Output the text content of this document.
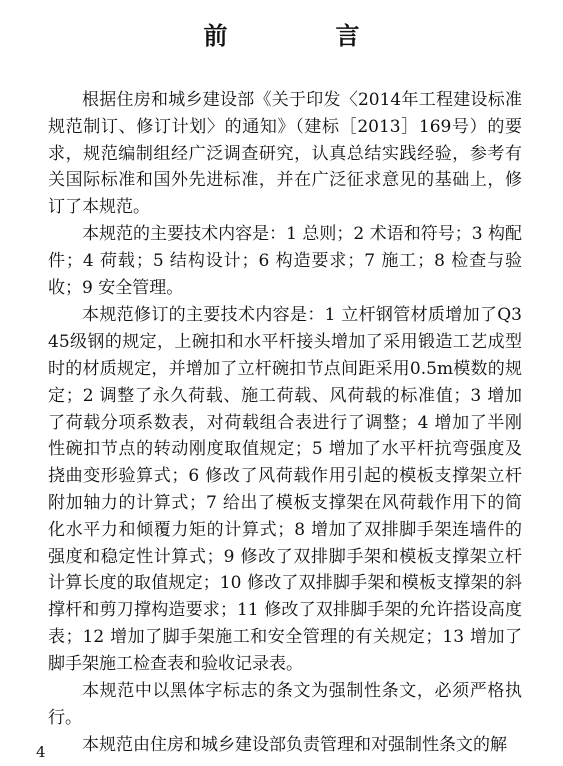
前　言

根据住房和城乡建设部《关于印发〈2014年工程建设标准规范制订、修订计划〉的通知》（建标［2013］169号）的要求，规范编制组经广泛调查研究，认真总结实践经验，参考有关国际标准和国外先进标准，并在广泛征求意见的基础上，修订了本规范。

本规范的主要技术内容是：1 总则；2 术语和符号；3 构配件；4 荷载；5 结构设计；6 构造要求；7 施工；8 检查与验收；9 安全管理。

本规范修订的主要技术内容是：1 立杆钢管材质增加了Q345级钢的规定，上碗扣和水平杆接头增加了采用锻造工艺成型时的材质规定，并增加了立杆碗扣节点间距采用0.5m模数的规定；2 调整了永久荷载、施工荷载、风荷载的标准值；3 增加了荷载分项系数表，对荷载组合表进行了调整；4 增加了半刚性碗扣节点的转动刚度取值规定；5 增加了水平杆抗弯强度及挠曲变形验算式；6 修改了风荷载作用引起的模板支撑架立杆附加轴力的计算式；7 给出了模板支撑架在风荷载作用下的简化水平力和倾覆力矩的计算式；8 增加了双排脚手架连墙件的强度和稳定性计算式；9 修改了双排脚手架和模板支撑架立杆计算长度的取值规定；10 修改了双排脚手架和模板支撑架的斜撑杆和剪刀撑构造要求；11 修改了双排脚手架的允许搭设高度表；12 增加了脚手架施工和安全管理的有关规定；13 增加了脚手架施工检查表和验收记录表。

本规范中以黑体字标志的条文为强制性条文，必须严格执行。

本规范由住房和城乡建设部负责管理和对强制性条文的解

4
